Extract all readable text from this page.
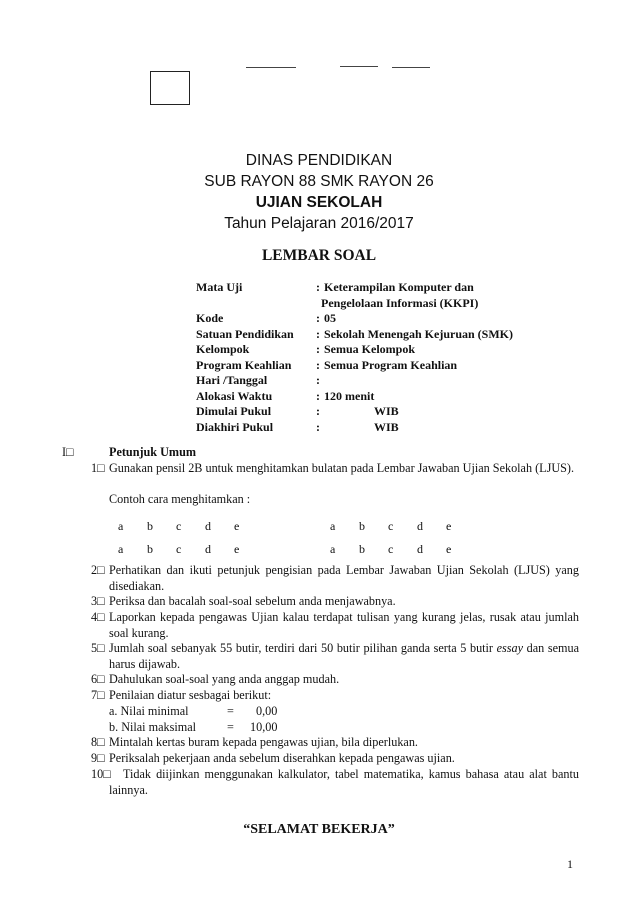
DINAS PENDIDIKAN
SUB RAYON 88 SMK RAYON 26
UJIAN SEKOLAH
Tahun Pelajaran 2016/2017
LEMBAR SOAL
Mata Uji	: Keterampilan Komputer dan
Pengelolaan Informasi (KKPI)
Kode	: 05
Satuan Pendidikan : Sekolah Menengah Kejuruan (SMK)
Kelompok	: Semua Kelompok
Program Keahlian : Semua Program Keahlian
Hari /Tanggal	:
Alokasi Waktu	: 120 menit
Dimulai Pukul	:	WIB
Diakhiri Pukul	:	WIB
I□	Petunjuk Umum
1□ Gunakan pensil 2B untuk menghitamkan bulatan pada Lembar Jawaban Ujian Sekolah (LJUS).
Contoh cara menghitamkan :
a b c d e	a b c d e
a b c d e	a b c d e
2□ Perhatikan dan ikuti petunjuk pengisian pada Lembar Jawaban Ujian Sekolah (LJUS) yang disediakan.
3□ Periksa dan bacalah soal-soal sebelum anda menjawabnya.
4□ Laporkan kepada pengawas Ujian kalau terdapat tulisan yang kurang jelas, rusak atau jumlah soal kurang.
5□ Jumlah soal sebanyak 55 butir, terdiri dari 50 butir pilihan ganda serta 5 butir essay dan semua harus dijawab.
6□ Dahulukan soal-soal yang anda anggap mudah.
7□ Penilaian diatur sesbagai berikut:
a. Nilai minimal	= 0,00
b. Nilai maksimal	= 10,00
8□ Mintalah kertas buram kepada pengawas ujian, bila diperlukan.
9□ Periksalah pekerjaan anda sebelum diserahkan kepada pengawas ujian.
10□	Tidak diijinkan menggunakan kalkulator, tabel matematika, kamus bahasa atau alat bantu lainnya.
“SELAMAT BEKERJA”
1
